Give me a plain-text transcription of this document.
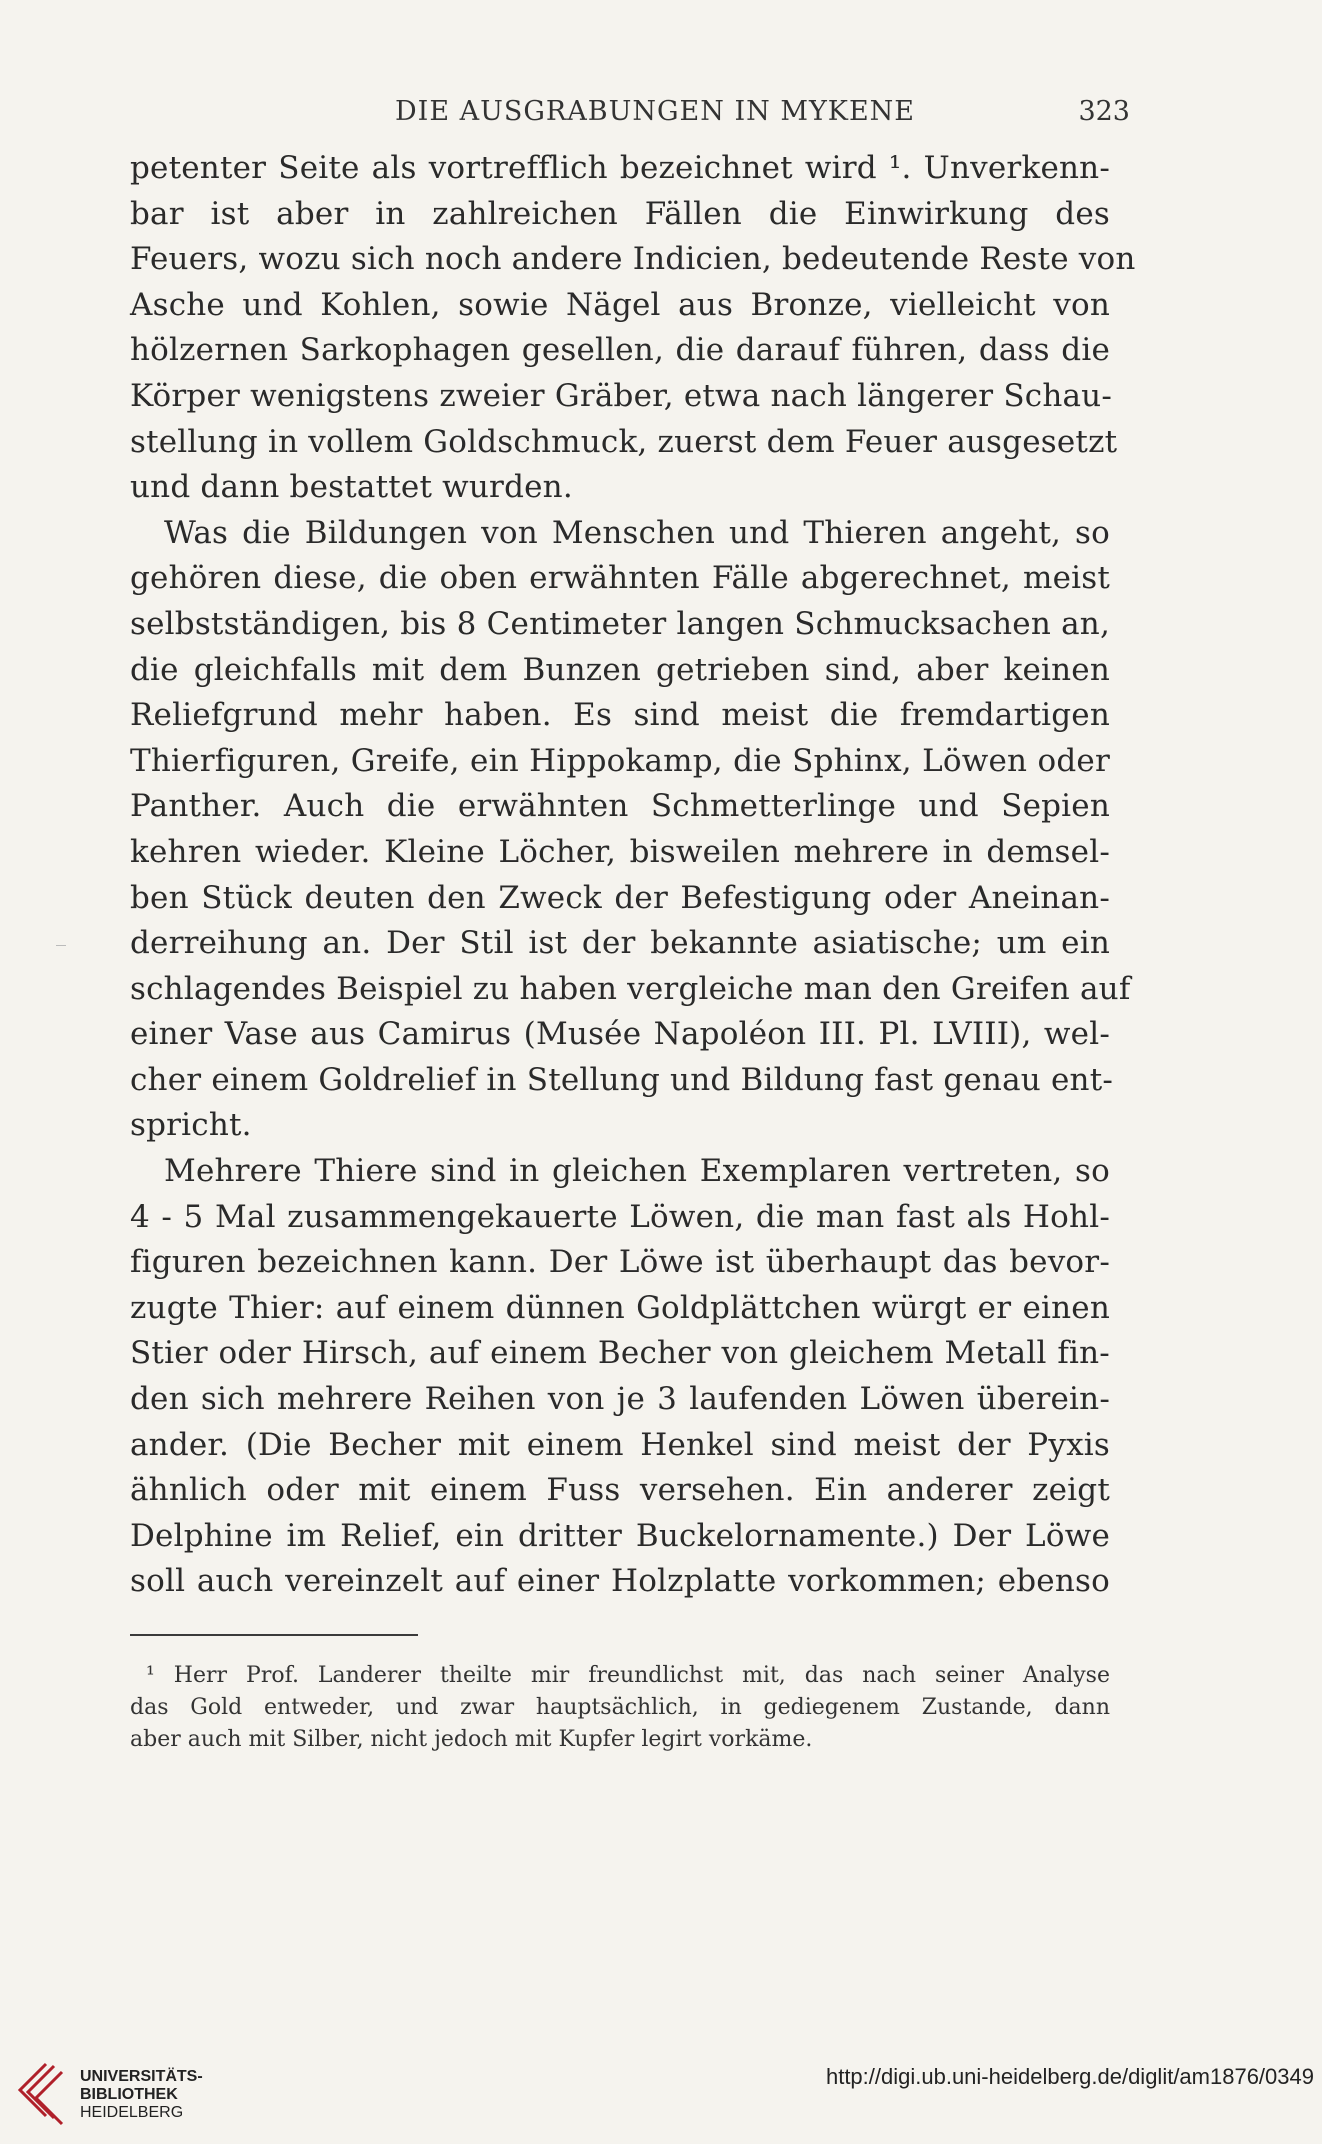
DIE AUSGRABUNGEN IN MYKENE	323
petenter Seite als vortrefflich bezeichnet wird ¹. Unverkenn-
bar ist aber in zahlreichen Fällen die Einwirkung des
Feuers, wozu sich noch andere Indicien, bedeutende Reste von
Asche und Kohlen, sowie Nägel aus Bronze, vielleicht von
hölzernen Sarkophagen gesellen, die darauf führen, dass die
Körper wenigstens zweier Gräber, etwa nach längerer Schau-
stellung in vollem Goldschmuck, zuerst dem Feuer ausgesetzt
und dann bestattet wurden.
Was die Bildungen von Menschen und Thieren angeht, so
gehören diese, die oben erwähnten Fälle abgerechnet, meist
selbstständigen, bis 8 Centimeter langen Schmucksachen an,
die gleichfalls mit dem Bunzen getrieben sind, aber keinen
Reliefgrund mehr haben. Es sind meist die fremdartigen
Thierfiguren, Greife, ein Hippokamp, die Sphinx, Löwen oder
Panther. Auch die erwähnten Schmetterlinge und Sepien
kehren wieder. Kleine Löcher, bisweilen mehrere in demsel-
ben Stück deuten den Zweck der Befestigung oder Aneinan-
derreihung an. Der Stil ist der bekannte asiatische; um ein
schlagendes Beispiel zu haben vergleiche man den Greifen auf
einer Vase aus Camirus (Musée Napoléon III. Pl. LVIII), wel-
cher einem Goldrelief in Stellung und Bildung fast genau ent-
spricht.
Mehrere Thiere sind in gleichen Exemplaren vertreten, so
4 - 5 Mal zusammengekauerte Löwen, die man fast als Hohl-
figuren bezeichnen kann. Der Löwe ist überhaupt das bevor-
zugte Thier: auf einem dünnen Goldplättchen würgt er einen
Stier oder Hirsch, auf einem Becher von gleichem Metall fin-
den sich mehrere Reihen von je 3 laufenden Löwen überein-
ander. (Die Becher mit einem Henkel sind meist der Pyxis
ähnlich oder mit einem Fuss versehen. Ein anderer zeigt
Delphine im Relief, ein dritter Buckelornamente.) Der Löwe
soll auch vereinzelt auf einer Holzplatte vorkommen; ebenso
¹ Herr Prof. Landerer theilte mir freundlichst mit, das nach seiner Analyse
das Gold entweder, und zwar hauptsächlich, in gediegenem Zustande, dann
aber auch mit Silber, nicht jedoch mit Kupfer legirt vorkäme.
UNIVERSITÄTS-
BIBLIOTHEK
HEIDELBERG
http://digi.ub.uni-heidelberg.de/diglit/am1876/0349
